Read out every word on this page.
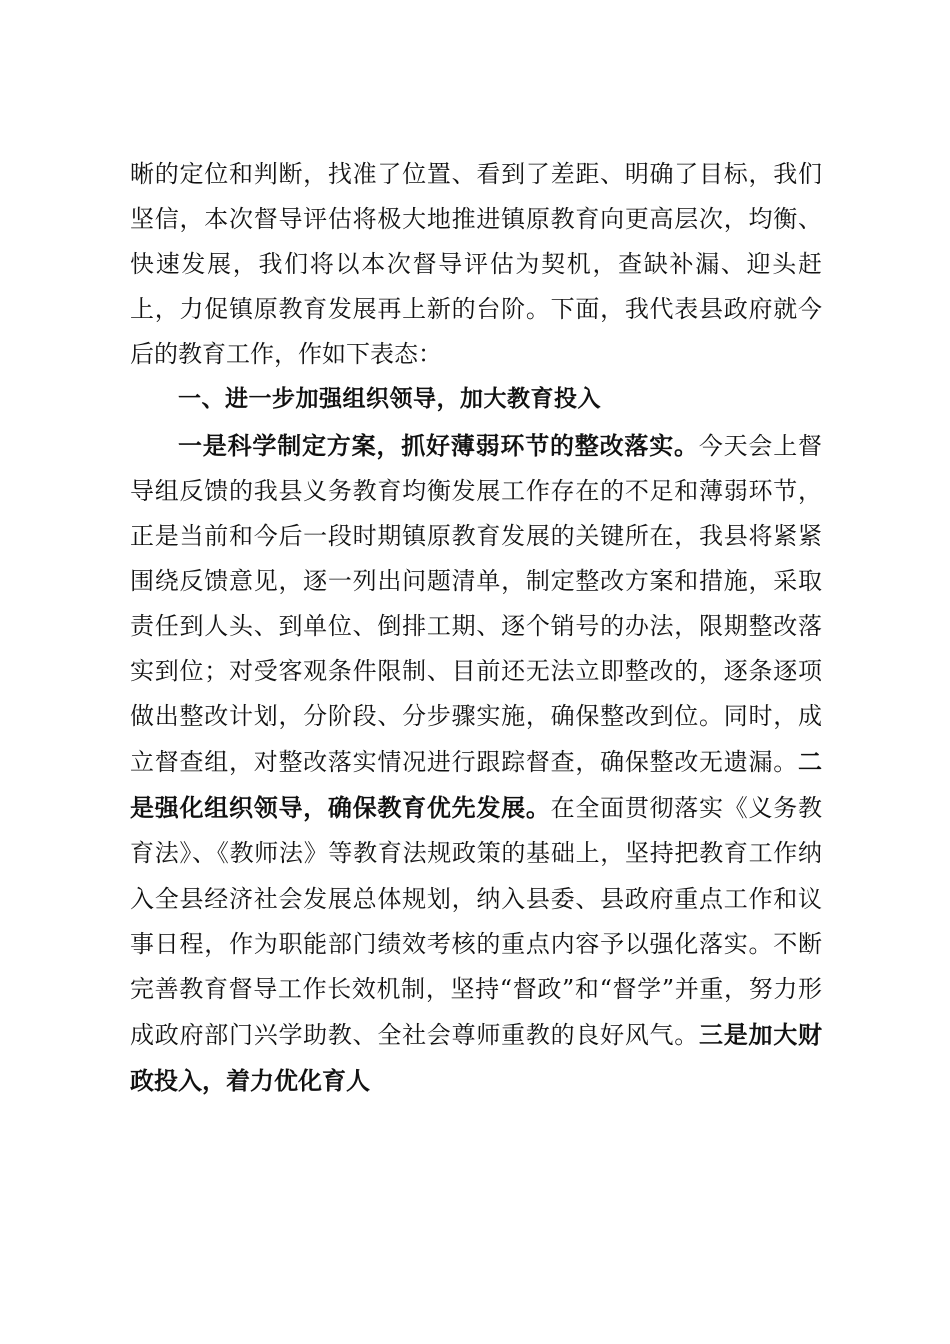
晰的定位和判断，找准了位置、看到了差距、明确了目标，我们坚信，本次督导评估将极大地推进镇原教育向更高层次，均衡、快速发展，我们将以本次督导评估为契机，查缺补漏、迎头赶上，力促镇原教育发展再上新的台阶。下面，我代表县政府就今后的教育工作，作如下表态：

一、进一步加强组织领导，加大教育投入

一是科学制定方案，抓好薄弱环节的整改落实。今天会上督导组反馈的我县义务教育均衡发展工作存在的不足和薄弱环节，正是当前和今后一段时期镇原教育发展的关键所在，我县将紧紧围绕反馈意见，逐一列出问题清单，制定整改方案和措施，采取责任到人头、到单位、倒排工期、逐个销号的办法，限期整改落实到位；对受客观条件限制、目前还无法立即整改的，逐条逐项做出整改计划，分阶段、分步骤实施，确保整改到位。同时，成立督查组，对整改落实情况进行跟踪督查，确保整改无遗漏。二是强化组织领导，确保教育优先发展。在全面贯彻落实《义务教育法》、《教师法》等教育法规政策的基础上，坚持把教育工作纳入全县经济社会发展总体规划，纳入县委、县政府重点工作和议事日程，作为职能部门绩效考核的重点内容予以强化落实。不断完善教育督导工作长效机制，坚持“督政”和“督学”并重，努力形成政府部门兴学助教、全社会尊师重教的良好风气。三是加大财政投入，着力优化育人
